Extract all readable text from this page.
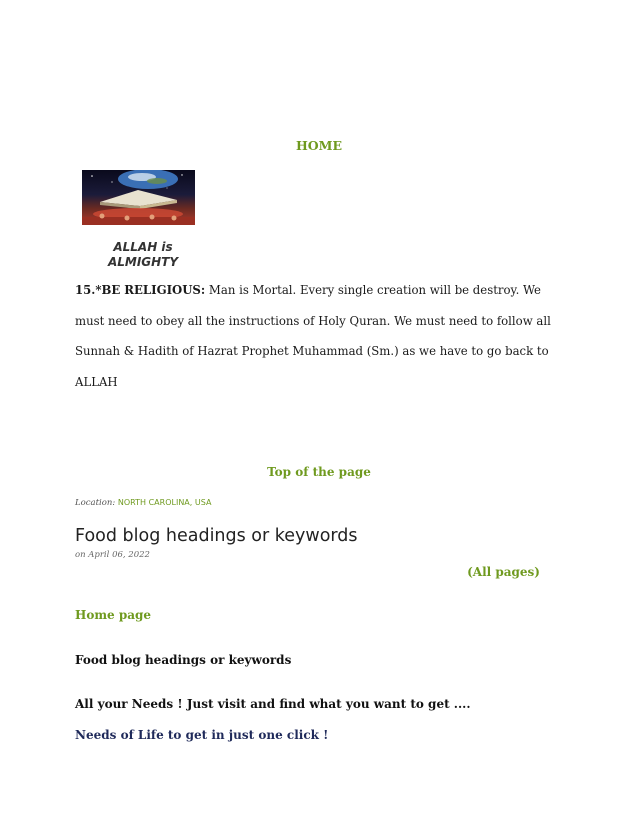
HOME
ALLAH is
ALMIGHTY
15.*BE RELIGIOUS: Man is Mortal. Every single creation will be destroy. We must need to obey all the instructions of Holy Quran. We must need to follow all Sunnah & Hadith of Hazrat Prophet Muhammad (Sm.) as we have to go back to ALLAH
Top of the page
Location: NORTH CAROLINA, USA
Food blog headings or keywords
on April 06, 2022
(All pages)
Home page
Food blog headings or keywords
All your Needs ! Just visit and find what you want to get ....
Needs of Life to get in just one click !
